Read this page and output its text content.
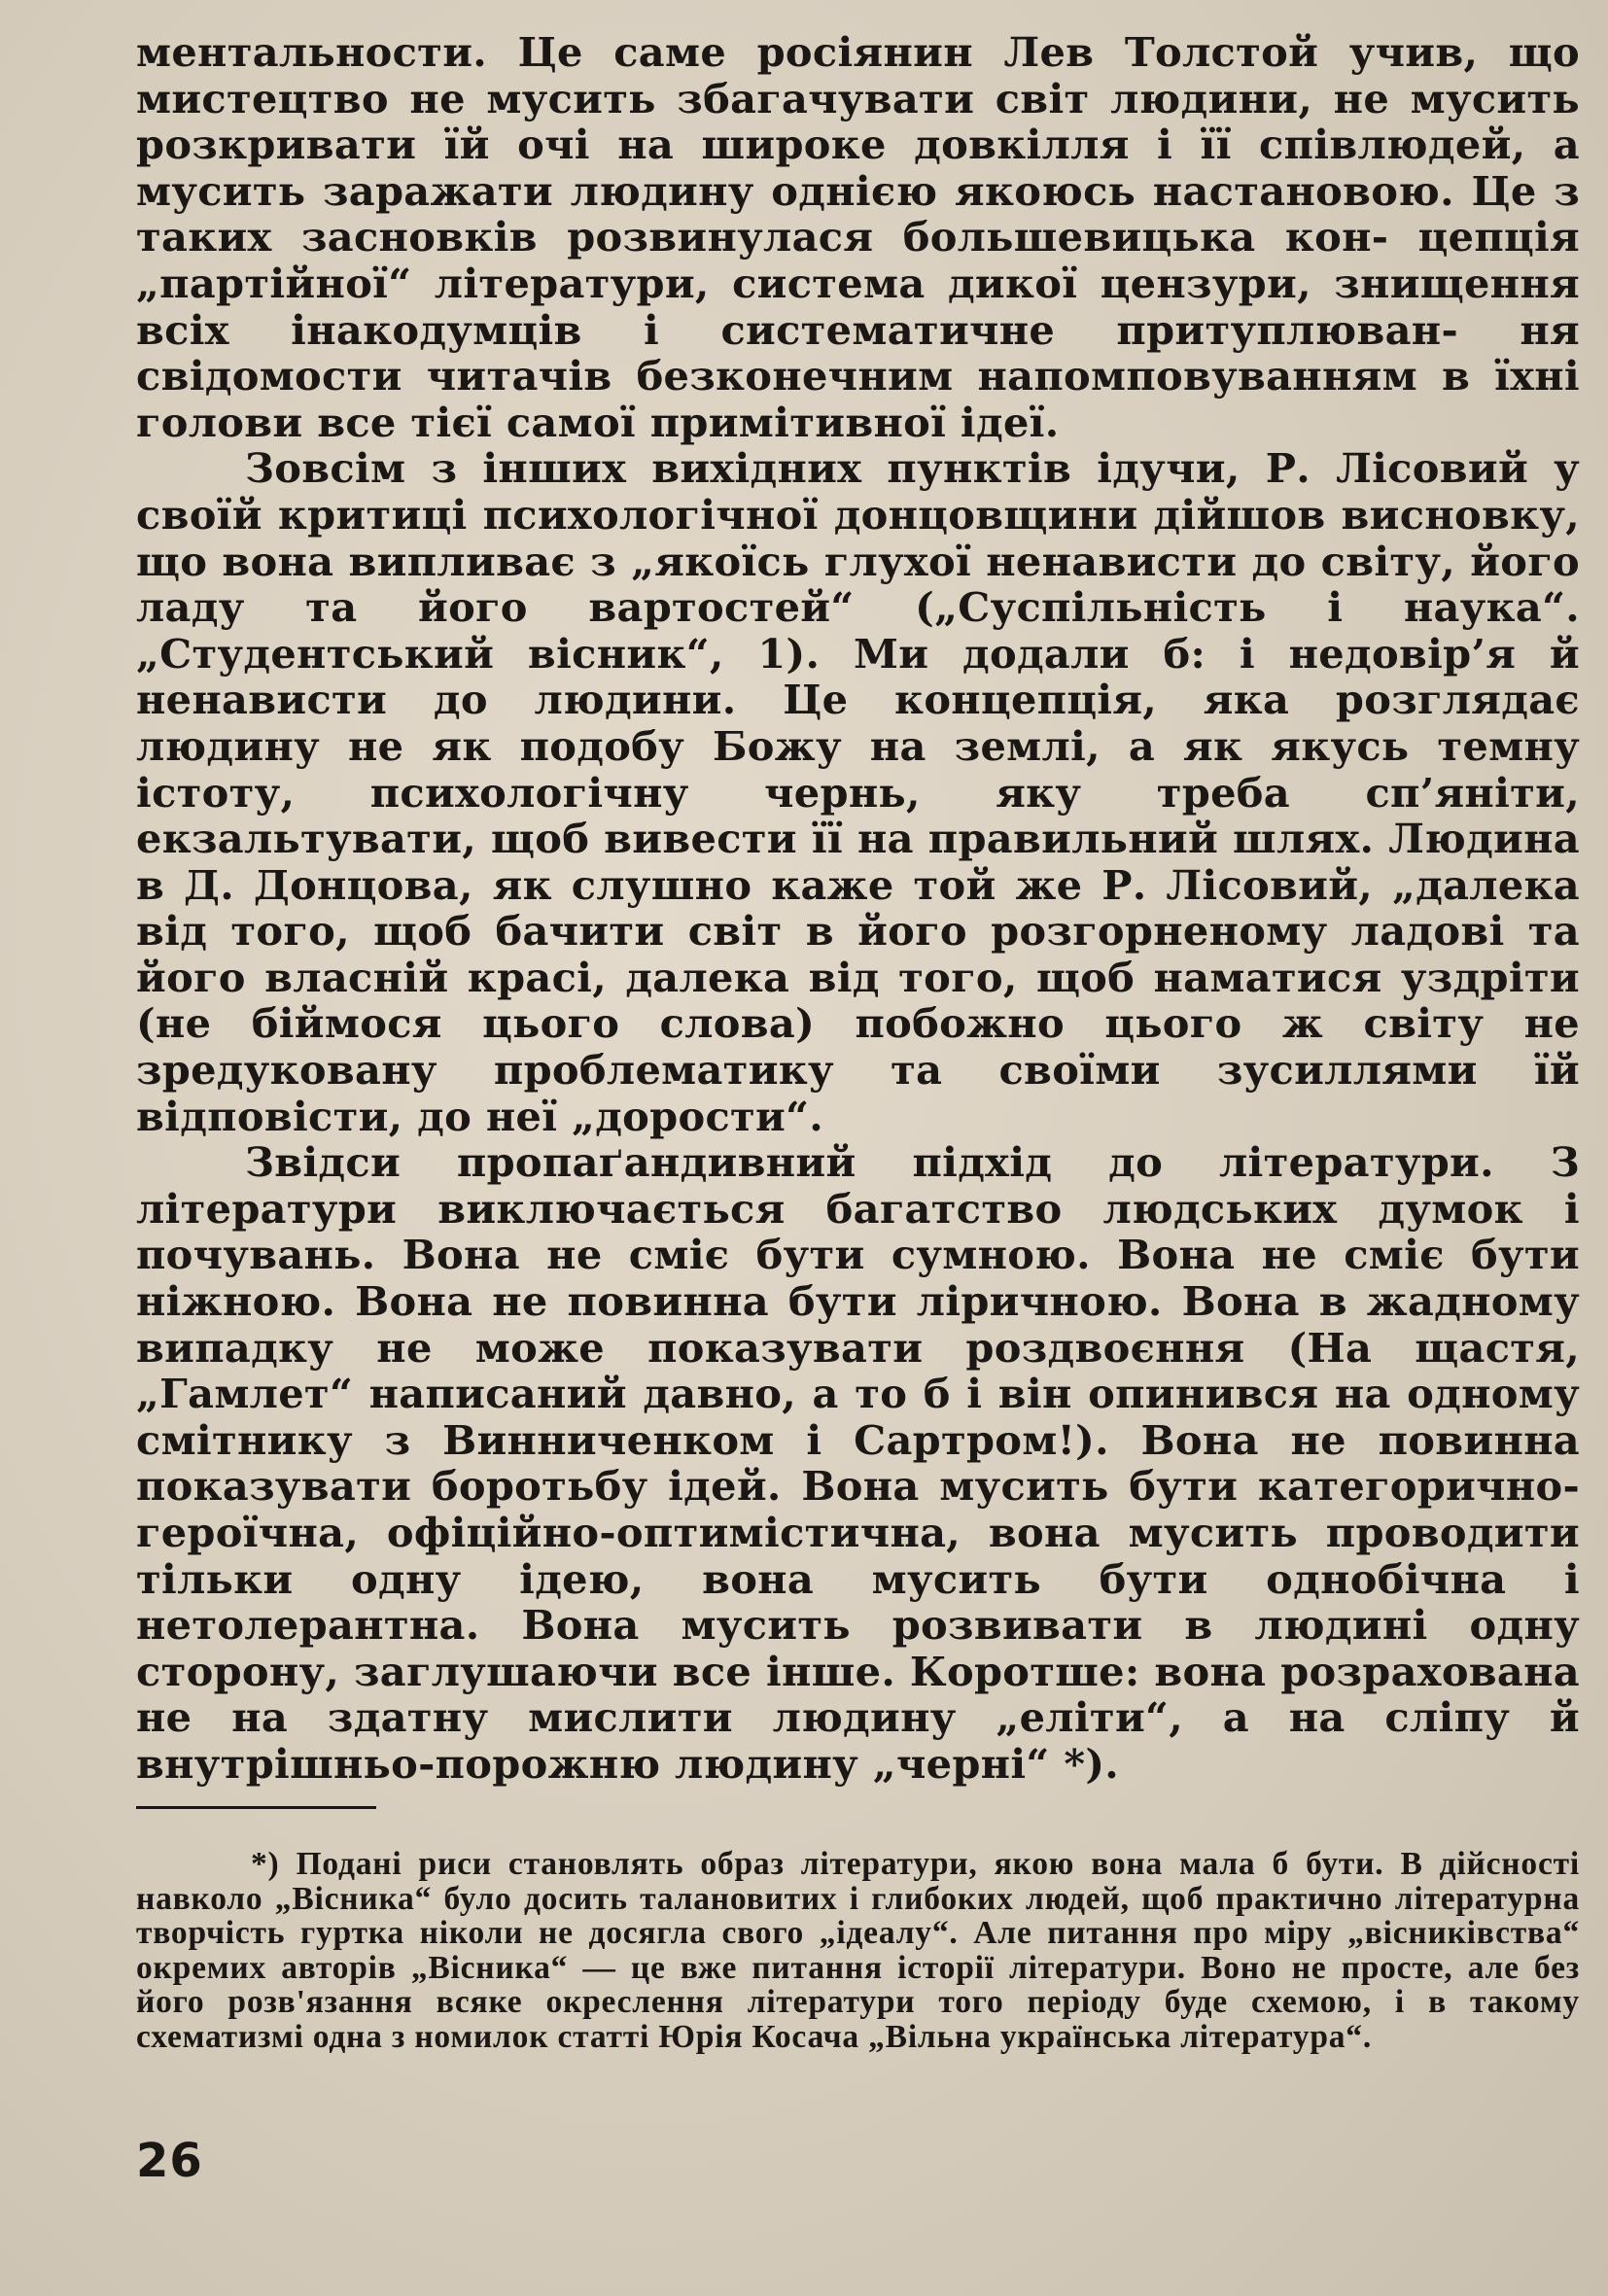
ментальности. Це саме росіянин Лев Толстой учив, що мистецтво не мусить збагачувати світ людини, не мусить розкривати їй очі на широке довкілля і її співлюдей, а мусить заражати людину однією якоюсь настановою. Це з таких засновків розвинулася большевицька кон- цепція „партійної“ літератури, система дикої цензури, знищення всіх інакодумців і систематичне притуплюван- ня свідомости читачів безконечним напомповуванням в їхні голови все тієї самої примітивної ідеї.

Зовсім з інших вихідних пунктів ідучи, Р. Лісовий у своїй критиці психологічної донцовщини дійшов висновку, що вона випливає з „якоїсь глухої ненависти до світу, його ладу та його вартостей“ („Суспільність і наука“. „Студентський вісник“, 1). Ми додали б: і недовір’я й ненависти до людини. Це концепція, яка розглядає людину не як подобу Божу на землі, а як якусь темну істоту, психологічну чернь, яку треба сп’яніти, екзальтувати, щоб вивести її на правильний шлях. Людина в Д. Донцова, як слушно каже той же Р. Лісовий, „далека від того, щоб бачити світ в його розгорненому ладові та його власній красі, далека від того, щоб наматися уздріти (не біймося цього слова) побожно цього ж світу не зредуковану проблематику та своїми зусиллями їй відповісти, до неї „дорости“.

Звідси пропаґандивний підхід до літератури. З літератури виключається багатство людських думок і почувань. Вона не сміє бути сумною. Вона не сміє бути ніжною. Вона не повинна бути ліричною. Вона в жадному випадку не може показувати роздвоєння (На щастя, „Гамлет“ написаний давно, а то б і він опинився на одному смітнику з Винниченком і Сартром!). Вона не повинна показувати боротьбу ідей. Вона мусить бути категорично-героїчна, офіційно-оптимістична, вона мусить проводити тільки одну ідею, вона мусить бути однобічна і нетолерантна. Вона мусить розвивати в людині одну сторону, заглушаючи все інше. Коротше: вона розрахована не на здатну мислити людину „еліти“, а на сліпу й внутрішньо-порожню людину „черні“ *).

*) Подані риси становлять образ літератури, якою вона мала б бути. В дійсності навколо „Вісника“ було досить талановитих і глибоких людей, щоб практично літературна творчість гуртка ніколи не досягла свого „ідеалу“. Але питання про міру „вісниківства“ окремих авторів „Вісника“ — це вже питання історії літератури. Воно не просте, але без його розв'язання всяке окреслення літератури того періоду буде схемою, і в такому схематизмі одна з номилок статті Юрія Косача „Вільна українська література“.
26
